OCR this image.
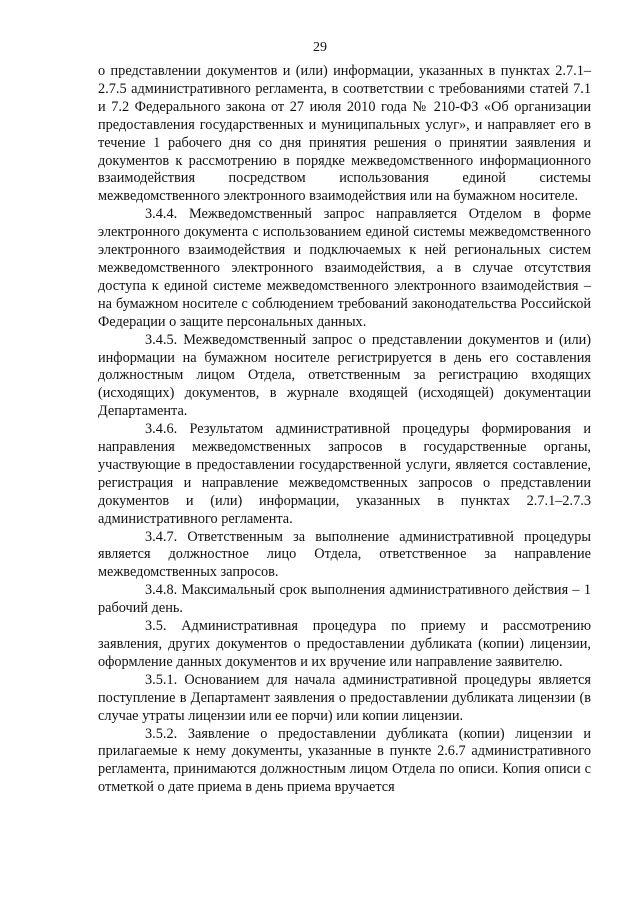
29

о представлении документов и (или) информации, указанных в пунктах 2.7.1–2.7.5 административного регламента, в соответствии с требованиями статей 7.1 и 7.2 Федерального закона от 27 июля 2010 года № 210-ФЗ «Об организации предоставления государственных и муниципальных услуг», и направляет его в течение 1 рабочего дня со дня принятия решения о принятии заявления и документов к рассмотрению в порядке межведомственного информационного взаимодействия посредством использования единой системы межведомственного электронного взаимодействия или на бумажном носителе.

3.4.4. Межведомственный запрос направляется Отделом в форме электронного документа с использованием единой системы межведомственного электронного взаимодействия и подключаемых к ней региональных систем межведомственного электронного взаимодействия, а в случае отсутствия доступа к единой системе межведомственного электронного взаимодействия – на бумажном носителе с соблюдением требований законодательства Российской Федерации о защите персональных данных.

3.4.5. Межведомственный запрос о представлении документов и (или) информации на бумажном носителе регистрируется в день его составления должностным лицом Отдела, ответственным за регистрацию входящих (исходящих) документов, в журнале входящей (исходящей) документации Департамента.

3.4.6. Результатом административной процедуры формирования и направления межведомственных запросов в государственные органы, участвующие в предоставлении государственной услуги, является составление, регистрация и направление межведомственных запросов о представлении документов и (или) информации, указанных в пунктах 2.7.1–2.7.3 административного регламента.

3.4.7. Ответственным за выполнение административной процедуры является должностное лицо Отдела, ответственное за направление межведомственных запросов.

3.4.8. Максимальный срок выполнения административного действия – 1 рабочий день.

3.5. Административная процедура по приему и рассмотрению заявления, других документов о предоставлении дубликата (копии) лицензии, оформление данных документов и их вручение или направление заявителю.

3.5.1. Основанием для начала административной процедуры является поступление в Департамент заявления о предоставлении дубликата лицензии (в случае утраты лицензии или ее порчи) или копии лицензии.

3.5.2. Заявление о предоставлении дубликата (копии) лицензии и прилагаемые к нему документы, указанные в пункте 2.6.7 административного регламента, принимаются должностным лицом Отдела по описи. Копия описи с отметкой о дате приема в день приема вручается
